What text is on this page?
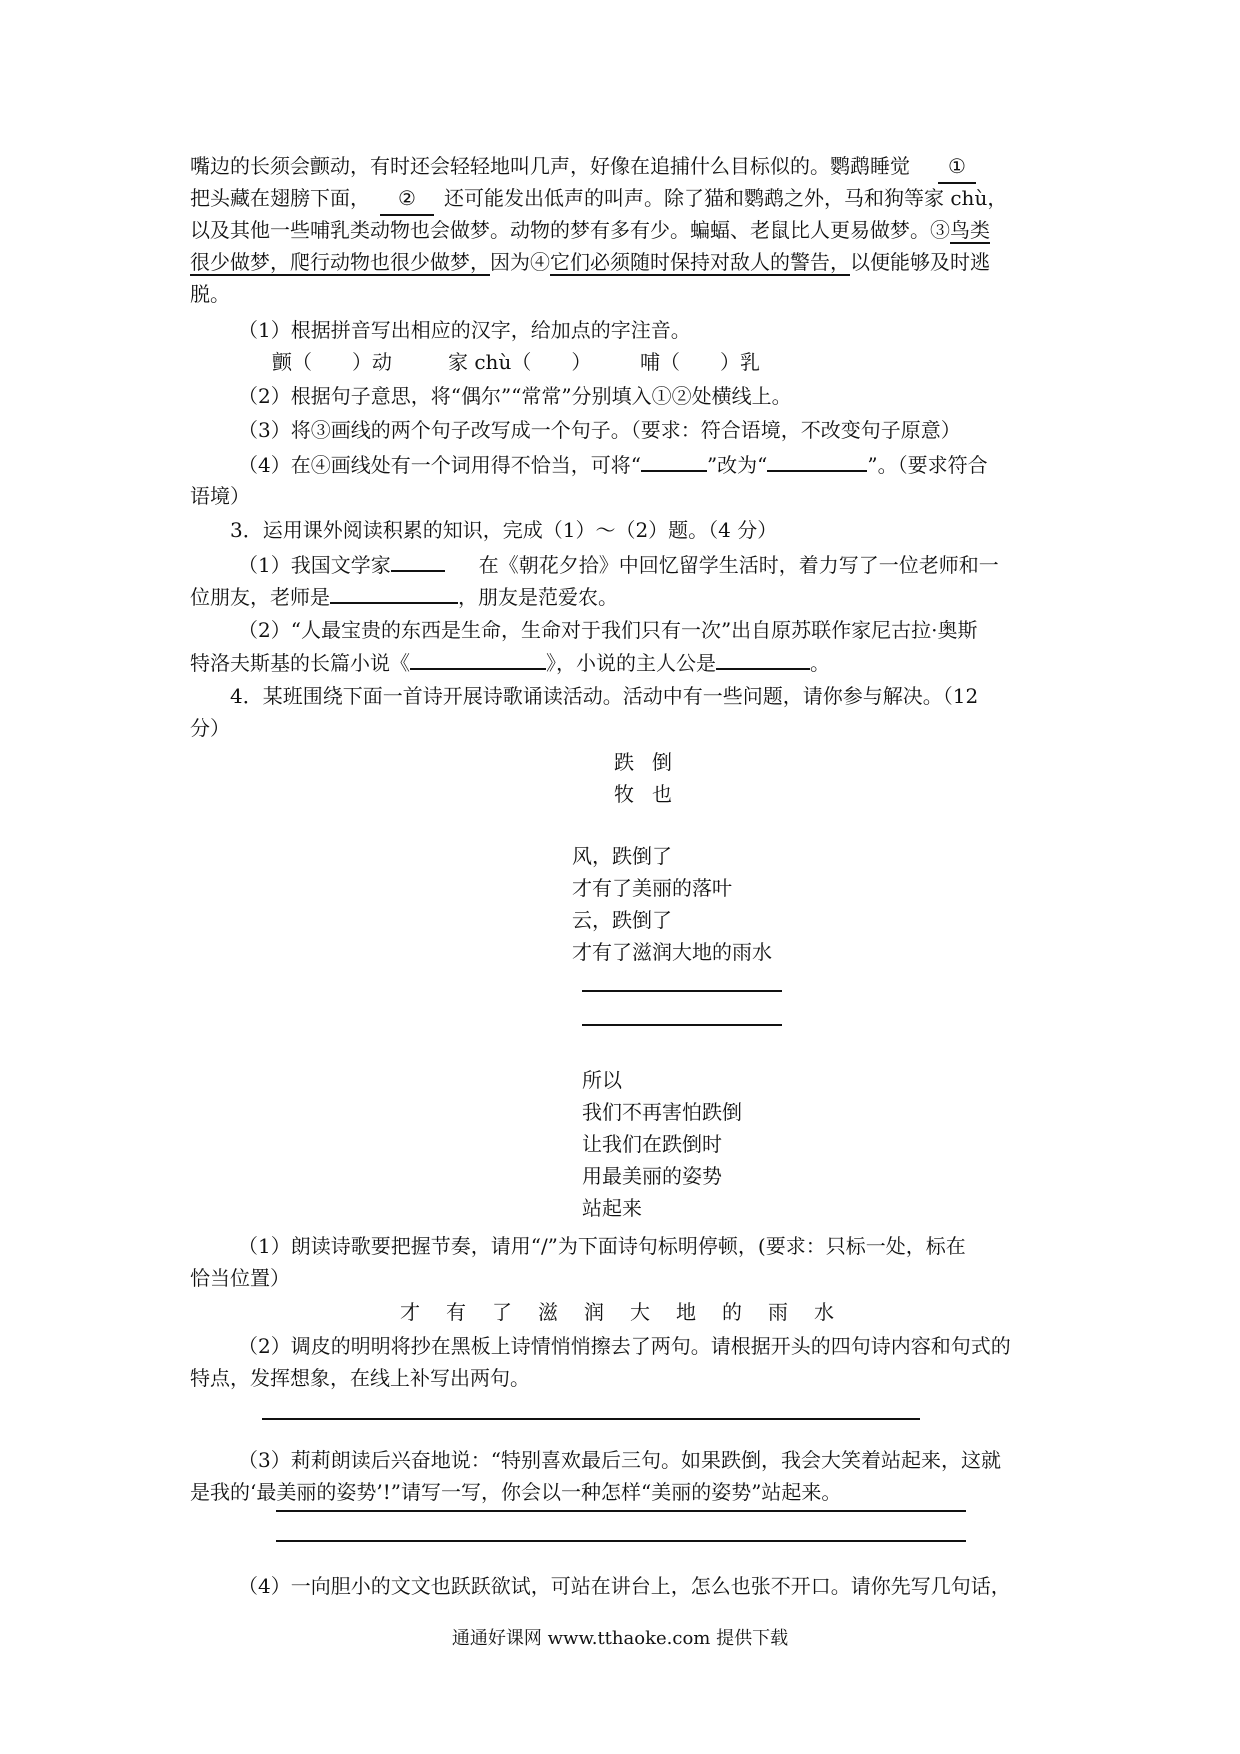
嘴边的长须会颤动，有时还会轻轻地叫几声，好像在追捕什么目标似的。鹦鹉睡觉 ①
把头藏在翅膀下面， ② 还可能发出低声的叫声。除了猫和鹦鹉之外，马和狗等家 chù，
以及其他一些哺乳类动物也会做梦。动物的梦有多有少。蝙蝠、老鼠比人更易做梦。③鸟类
很少做梦，爬行动物也很少做梦，因为④它们必须随时保持对敌人的警告，以便能够及时逃
脱。
（1）根据拼音写出相应的汉字，给加点的字注音。
颤（　　）动	家 chù（　　） 哺（　　）乳
（2）根据句子意思，将“偶尔”“常常”分别填入①②处横线上。
（3）将③画线的两个句子改写成一个句子。（要求：符合语境，不改变句子原意）
（4）在④画线处有一个词用得不恰当，可将“	”改为“	”。（要求符合
语境）
3．运用课外阅读积累的知识，完成（1）～（2）题。（4 分）
（1）我国文学家	在《朝花夕拾》中回忆留学生活时，着力写了一位老师和一
位朋友，老师是	，朋友是范爱农。
（2）“人最宝贵的东西是生命，生命对于我们只有一次”出自原苏联作家尼古拉·奥斯
特洛夫斯基的长篇小说《	》，小说的主人公是	。
4．某班围绕下面一首诗开展诗歌诵读活动。活动中有一些问题，请你参与解决。（12
分）
跌倒
牧也
风，跌倒了
才有了美丽的落叶
云，跌倒了
才有了滋润大地的雨水
所以
我们不再害怕跌倒
让我们在跌倒时
用最美丽的姿势
站起来
（1）朗读诗歌要把握节奏，请用“/”为下面诗句标明停顿，(要求：只标一处，标在
恰当位置）
才有了滋润大地的雨水
（2）调皮的明明将抄在黑板上诗情悄悄擦去了两句。请根据开头的四句诗内容和句式的
特点，发挥想象，在线上补写出两句。
（3）莉莉朗读后兴奋地说：“特别喜欢最后三句。如果跌倒，我会大笑着站起来，这就
是我的‘最美丽的姿势’!”请写一写，你会以一种怎样“美丽的姿势”站起来。
（4）一向胆小的文文也跃跃欲试，可站在讲台上，怎么也张不开口。请你先写几句话，
通通好课网 www.tthaoke.com 提供下载
